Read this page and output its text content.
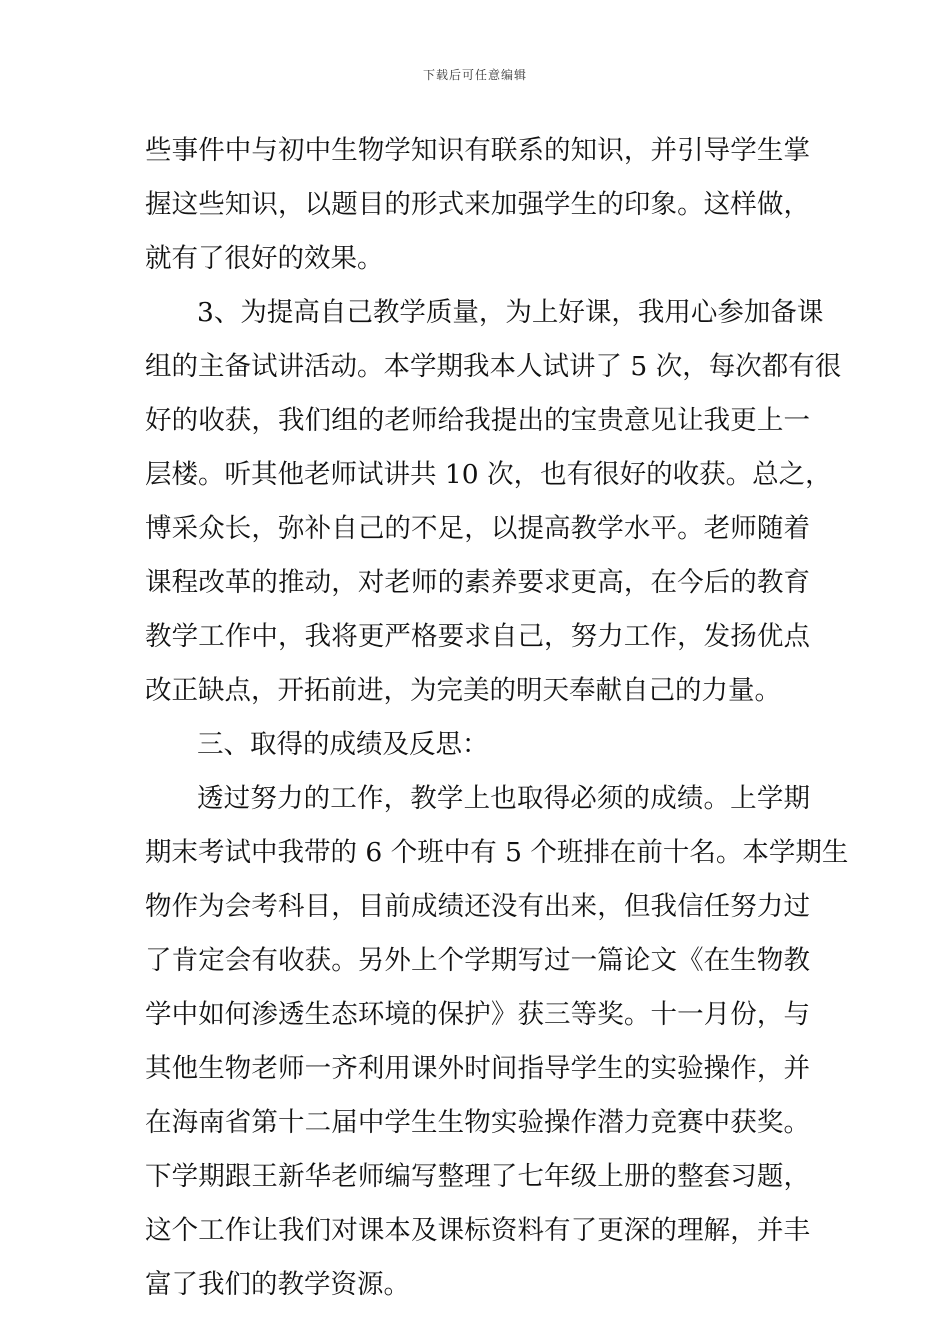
下载后可任意编辑
些事件中与初中生物学知识有联系的知识，并引导学生掌
握这些知识，以题目的形式来加强学生的印象。这样做，
就有了很好的效果。
3、为提高自己教学质量，为上好课，我用心参加备课
组的主备试讲活动。本学期我本人试讲了 5 次，每次都有很
好的收获，我们组的老师给我提出的宝贵意见让我更上一
层楼。听其他老师试讲共 10 次，也有很好的收获。总之，
博采众长，弥补自己的不足，以提高教学水平。老师随着
课程改革的推动，对老师的素养要求更高，在今后的教育
教学工作中，我将更严格要求自己，努力工作，发扬优点
改正缺点，开拓前进，为完美的明天奉献自己的力量。
三、取得的成绩及反思：
透过努力的工作，教学上也取得必须的成绩。上学期
期末考试中我带的 6 个班中有 5 个班排在前十名。本学期生
物作为会考科目，目前成绩还没有出来，但我信任努力过
了肯定会有收获。另外上个学期写过一篇论文《在生物教
学中如何渗透生态环境的保护》获三等奖。十一月份，与
其他生物老师一齐利用课外时间指导学生的实验操作，并
在海南省第十二届中学生生物实验操作潜力竞赛中获奖。
下学期跟王新华老师编写整理了七年级上册的整套习题，
这个工作让我们对课本及课标资料有了更深的理解，并丰
富了我们的教学资源。
